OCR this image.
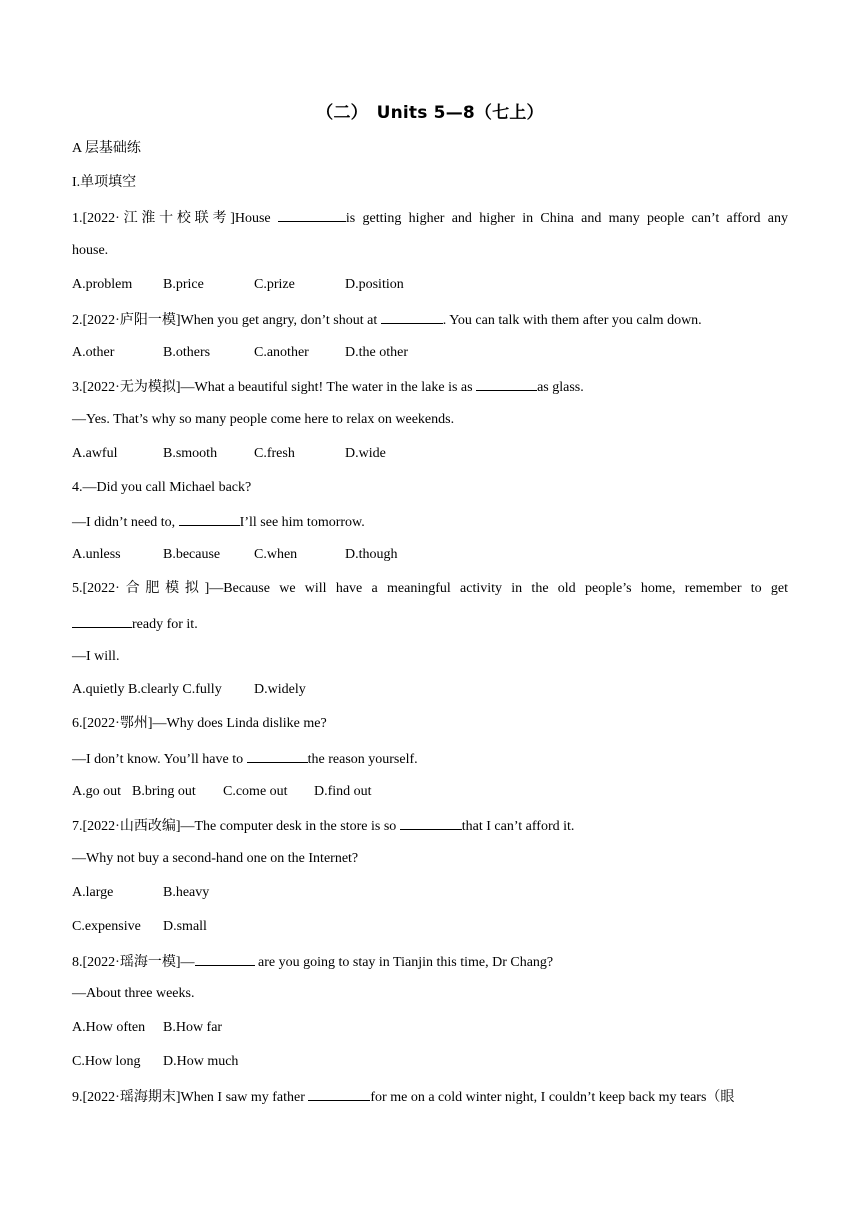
（二）　Units 5—8（七上）
A 层基础练
I.单项填空
1.[2022·江淮十校联考]House	is getting higher and higher in China and many people can’t afford any
house.
A.problem B.price	C.prize	D.position
2.[2022·庐阳一模]When you get angry, don’t shout at	. You can talk with them after you calm down.
A.other	B.others	C.another	D.the other
3.[2022·无为模拟]—What a beautiful sight! The water in the lake is as	as glass.
—Yes. That’s why so many people come here to relax on weekends.
A.awful	B.smooth	C.fresh	D.wide
4.—Did you call Michael back?
—I didn’t need to,	I’ll see him tomorrow.
A.unless	B.because C.when	D.though
5.[2022·合肥模拟]—Because we will have a meaningful activity in the old people’s home, remember to get
ready for it.
—I will.
A.quietly B.clearly C.fully D.widely
6.[2022·鄂州]—Why does Linda dislike me?
—I don’t know. You’ll have to	the reason yourself.
A.go out B.bring out C.come out D.find out
7.[2022·山西改编]—The computer desk in the store is so	that I can’t afford it.
—Why not buy a second-hand one on the Internet?
A.large	B.heavy
C.expensive D.small
8.[2022·瑶海一模]—	are you going to stay in Tianjin this time, Dr Chang?
—About three weeks.
A.How often B.How far
C.How long D.How much
9.[2022·瑶海期末]When I saw my father	for me on a cold winter night, I couldn’t keep back my tears（眼
